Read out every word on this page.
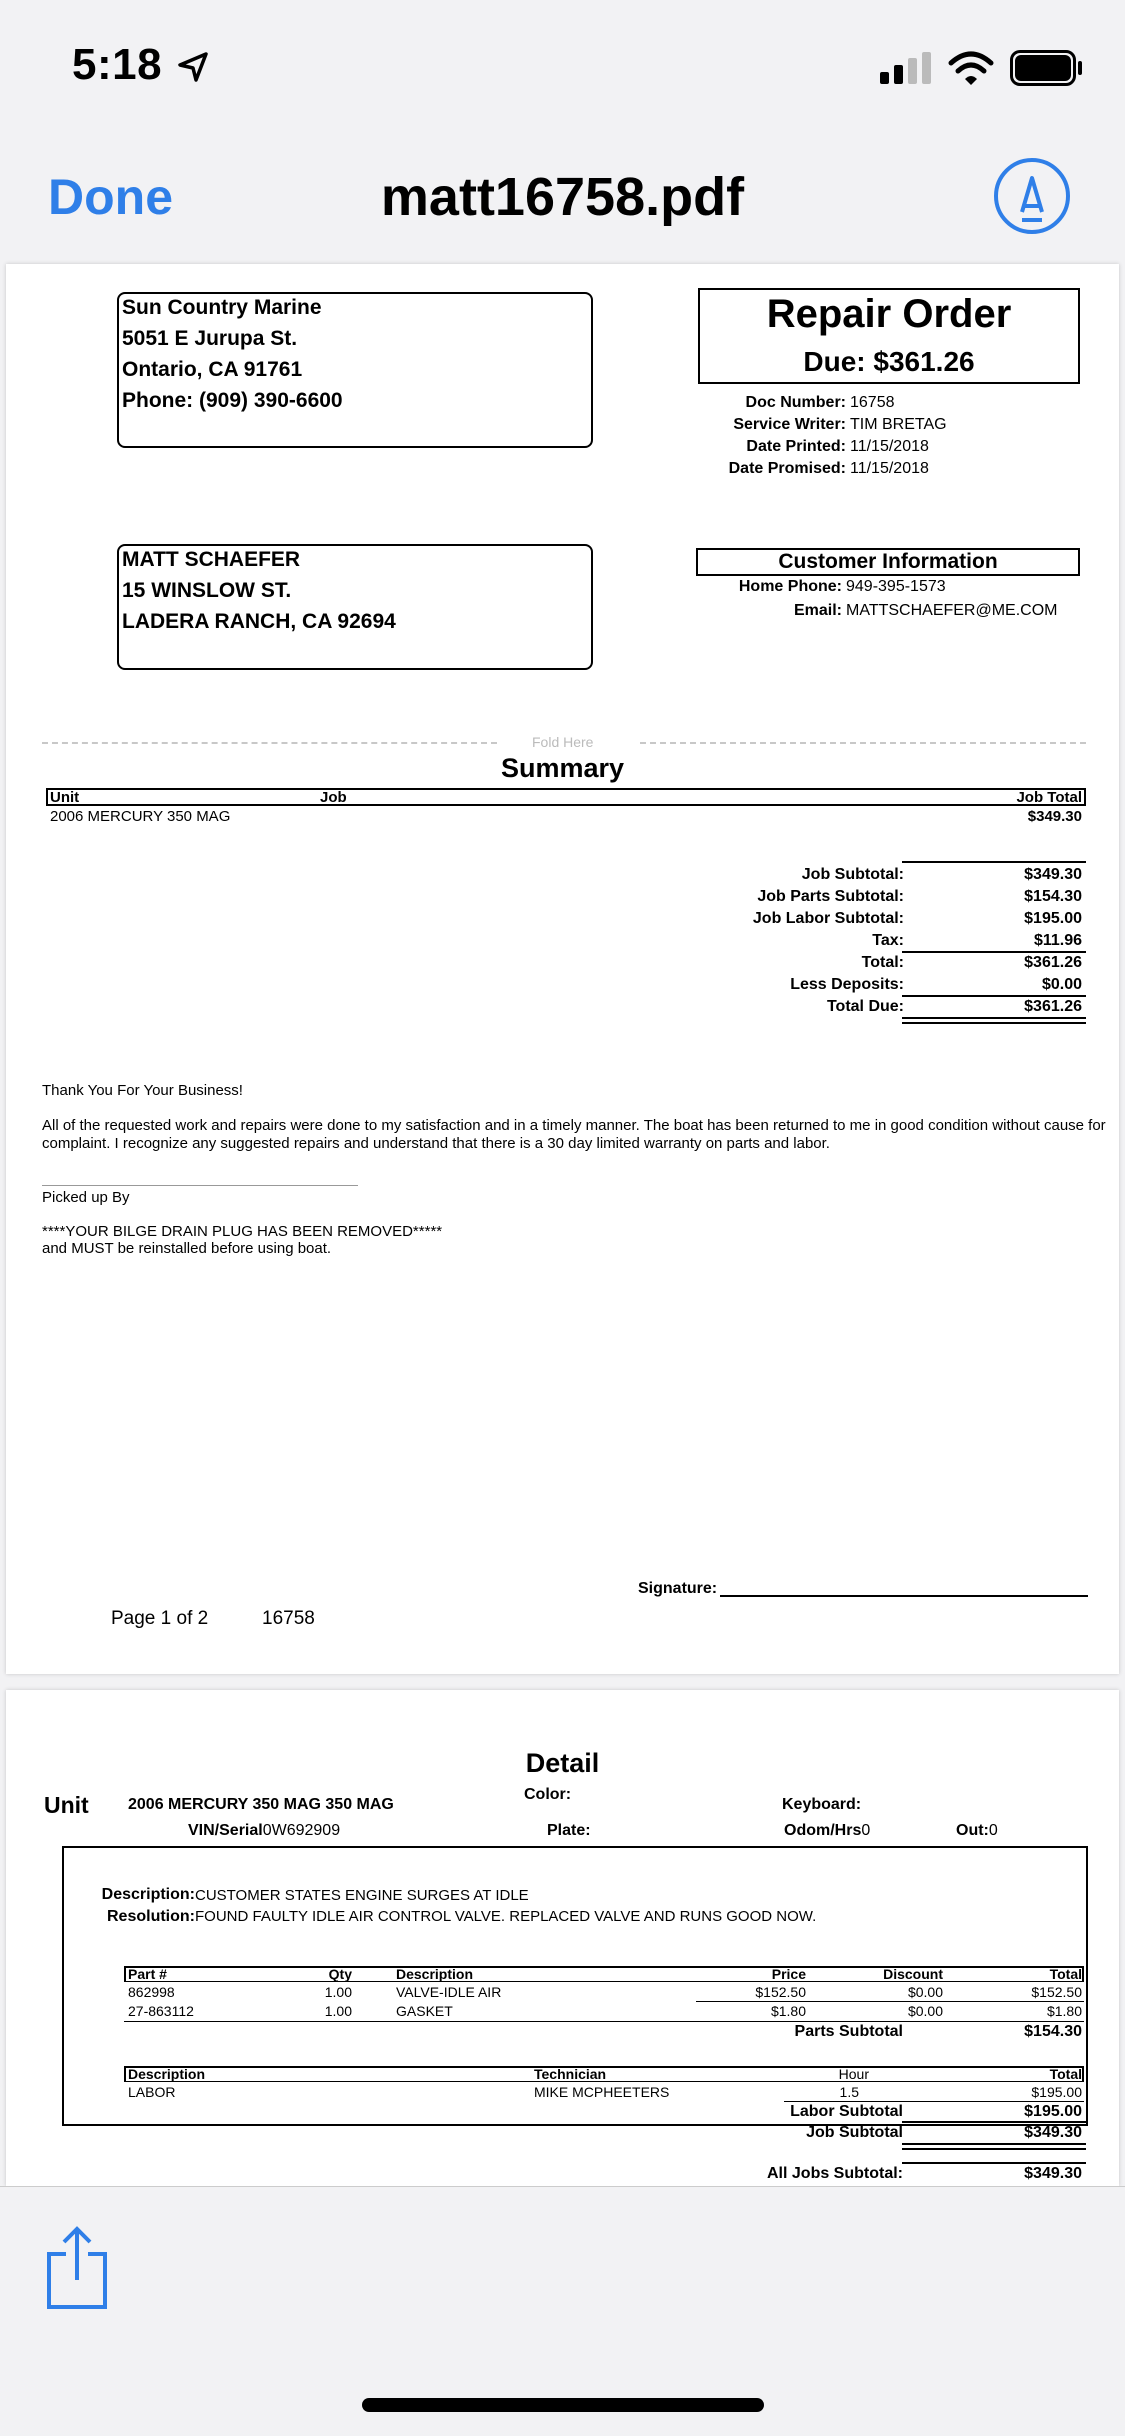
5:18
Done	matt16758.pdf
Sun Country Marine
5051 E Jurupa St.
Ontario, CA 91761
Phone: (909) 390-6600
Repair Order
Due: $361.26
Doc Number: 16758
Service Writer: TIM BRETAG
Date Printed: 11/15/2018
Date Promised: 11/15/2018
MATT SCHAEFER
15 WINSLOW ST.
LADERA RANCH, CA 92694
Customer Information
Home Phone: 949-395-1573
Email: MATTSCHAEFER@ME.COM
Fold Here
Summary
Unit	Job	Job Total
2006 MERCURY 350 MAG	$349.30
Job Subtotal:	$349.30
Job Parts Subtotal:	$154.30
Job Labor Subtotal:	$195.00
Tax:	$11.96
Total:	$361.26
Less Deposits:	$0.00
Total Due:	$361.26
Thank You For Your Business!
All of the requested work and repairs were done to my satisfaction and in a timely manner. The boat has been returned to me in good condition without cause for
complaint. I recognize any suggested repairs and understand that there is a 30 day limited warranty on parts and labor.
Picked up By
****YOUR BILGE DRAIN PLUG HAS BEEN REMOVED*****
and MUST be reinstalled before using boat.
Signature:
Page 1 of 2	16758
Detail
Unit 2006 MERCURY 350 MAG 350 MAG
Color:
Keyboard:
VIN/Serial0W692909	Plate:	Odom/Hrs0	Out:0
Description: CUSTOMER STATES ENGINE SURGES AT IDLE
Resolution: FOUND FAULTY IDLE AIR CONTROL VALVE. REPLACED VALVE AND RUNS GOOD NOW.
Part #	Qty	Description	Price	Discount	Total
862998	1.00	VALVE-IDLE AIR	$152.50	$0.00	$152.50
27-863112	1.00	GASKET	$1.80	$0.00	$1.80
Parts Subtotal	$154.30
Description	Technician	Hour	Total
LABOR	MIKE MCPHEETERS	1.5	$195.00
Labor Subtotal	$195.00
Job Subtotal	$349.30
All Jobs Subtotal:	$349.30
